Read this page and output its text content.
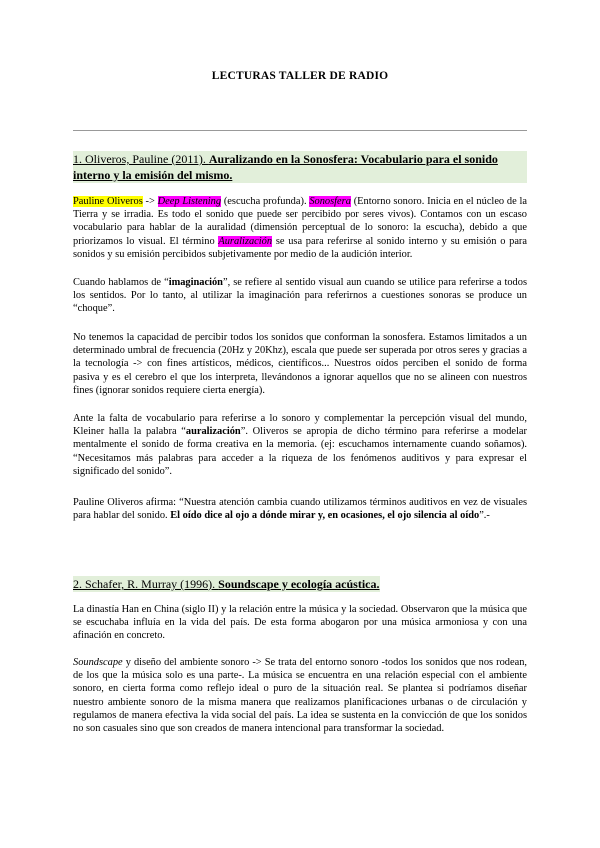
LECTURAS TALLER DE RADIO
1. Oliveros, Pauline (2011). Auralizando en la Sonosfera: Vocabulario para el sonido interno y la emisión del mismo.

Pauline Oliveros -> Deep Listening (escucha profunda). Sonosfera (Entorno sonoro. Inicia en el núcleo de la Tierra y se irradia. Es todo el sonido que puede ser percibido por seres vivos). Contamos con un escaso vocabulario para hablar de la auralidad (dimensión perceptual de lo sonoro: la escucha), debido a que priorizamos lo visual. El término Auralización se usa para referirse al sonido interno y su emisión o para sonidos y su emisión percibidos subjetivamente por medio de la audición interior.

Cuando hablamos de “imaginación”, se refiere al sentido visual aun cuando se utilice para referirse a todos los sentidos. Por lo tanto, al utilizar la imaginación para referirnos a cuestiones sonoras se produce un “choque”.

No tenemos la capacidad de percibir todos los sonidos que conforman la sonosfera. Estamos limitados a un determinado umbral de frecuencia (20Hz y 20Khz), escala que puede ser superada por otros seres y gracias a la tecnología -> con fines artísticos, médicos, científicos... Nuestros oídos perciben el sonido de forma pasiva y es el cerebro el que los interpreta, llevándonos a ignorar aquellos que no se alineen con nuestros fines (ignorar sonidos requiere cierta energía).

Ante la falta de vocabulario para referirse a lo sonoro y complementar la percepción visual del mundo, Kleiner halla la palabra “auralización”. Oliveros se apropia de dicho término para referirse a modelar mentalmente el sonido de forma creativa en la memoria. (ej: escuchamos internamente cuando soñamos). “Necesitamos más palabras para acceder a la riqueza de los fenómenos auditivos y para expresar el significado del sonido”.

Pauline Oliveros afirma: “Nuestra atención cambia cuando utilizamos términos auditivos en vez de visuales para hablar del sonido. El oído dice al ojo a dónde mirar y, en ocasiones, el ojo silencia al oído”.-

2. Schafer, R. Murray (1996). Soundscape y ecología acústica.

La dinastía Han en China (siglo II) y la relación entre la música y la sociedad. Observaron que la música que se escuchaba influía en la vida del país. De esta forma abogaron por una música armoniosa y con una afinación en concreto.

Soundscape y diseño del ambiente sonoro -> Se trata del entorno sonoro -todos los sonidos que nos rodean, de los que la música solo es una parte-. La música se encuentra en una relación especial con el ambiente sonoro, en cierta forma como reflejo ideal o puro de la situación real. Se plantea si podríamos diseñar nuestro ambiente sonoro de la misma manera que realizamos planificaciones urbanas o de circulación y regulamos de manera efectiva la vida social del país. La idea se sustenta en la convicción de que los sonidos no son casuales sino que son creados de manera intencional para transformar la sociedad.
